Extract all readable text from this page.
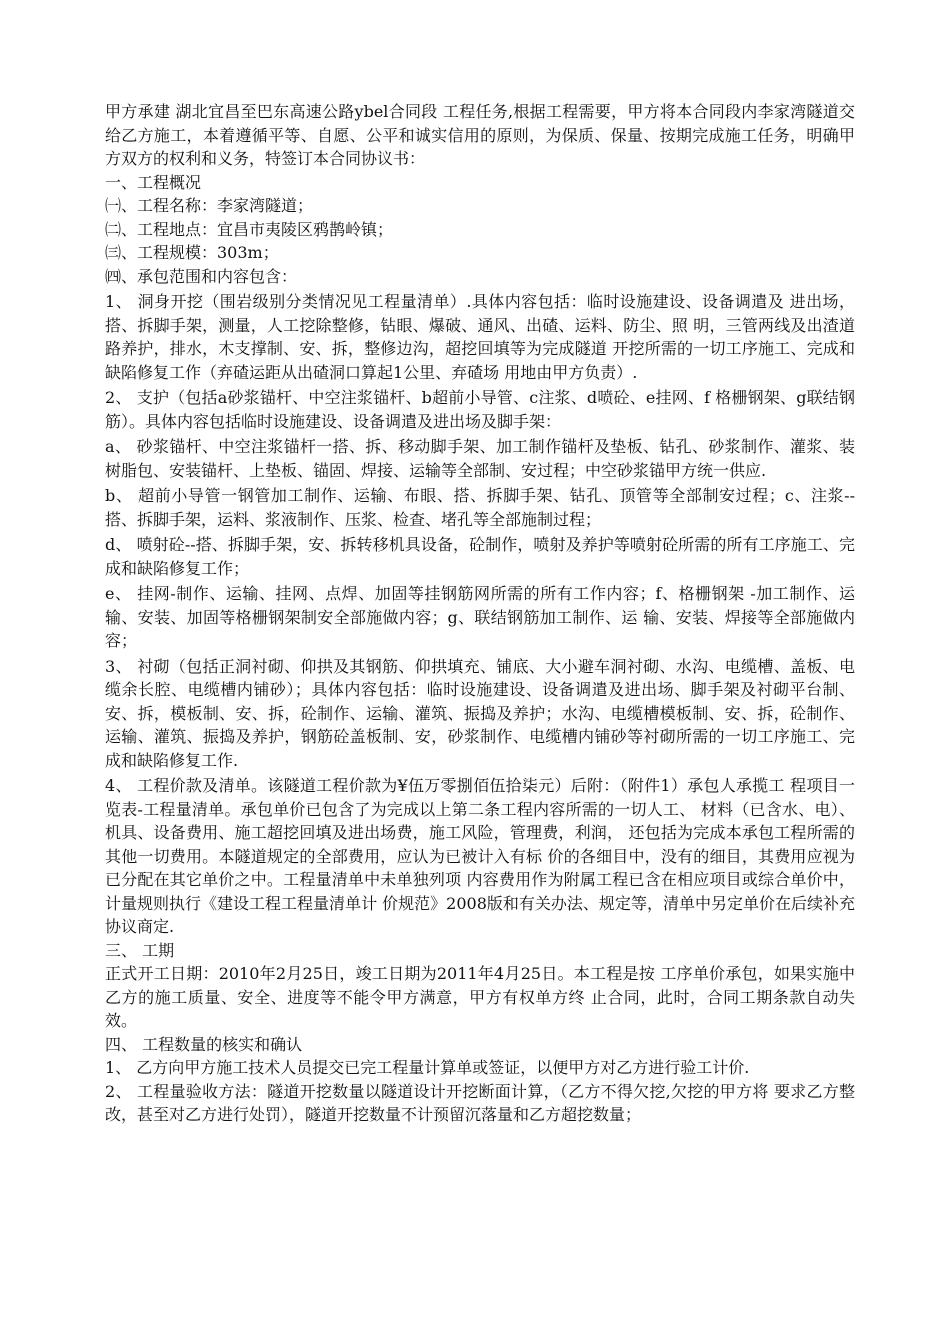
甲方承建 湖北宜昌至巴东高速公路ybel合同段 工程任务,根据工程需要，甲方将本合同段内李家湾隧道交给乙方施工，本着遵循平等、自愿、公平和诚实信用的原则，为保质、保量、按期完成施工任务，明确甲方双方的权利和义务，特签订本合同协议书：

一、工程概况

㈠、工程名称：李家湾隧道；

㈡、工程地点：宜昌市夷陵区鸦鹊岭镇；

㈢、工程规模：303m；

㈣、承包范围和内容包含：

1、 洞身开挖（围岩级别分类情况见工程量清单）.具体内容包括：临时设施建设、设备调遣及 进出场，搭、拆脚手架，测量，人工挖除整修，钻眼、爆破、通风、出碴、运料、防尘、照 明，三管两线及出渣道路养护，排水，木支撑制、安、拆，整修边沟，超挖回填等为完成隧道 开挖所需的一切工序施工、完成和缺陷修复工作（弃碴运距从出碴洞口算起1公里、弃碴场 用地由甲方负责）.

2、 支护（包括a砂浆锚杆、中空注浆锚杆、b超前小导管、c注浆、d喷砼、e挂网、f 格栅钢架、g联结钢筋）。具体内容包括临时设施建设、设备调遣及进出场及脚手架：

a、 砂浆锚杆、中空注浆锚杆一搭、拆、移动脚手架、加工制作锚杆及垫板、钻孔、砂浆制作、灌浆、装树脂包、安装锚杆、上垫板、锚固、焊接、运输等全部制、安过程；中空砂浆锚甲方统一供应.

b、 超前小导管一钢管加工制作、运输、布眼、搭、拆脚手架、钻孔、顶管等全部制安过程；c、注浆--搭、拆脚手架，运料、浆液制作、压浆、检查、堵孔等全部施制过程；

d、 喷射砼--搭、拆脚手架，安、拆转移机具设备，砼制作，喷射及养护等喷射砼所需的所有工序施工、完成和缺陷修复工作；

e、 挂网-制作、运输、挂网、点焊、加固等挂钢筋网所需的所有工作内容；f、格栅钢架 -加工制作、运输、安装、加固等格栅钢架制安全部施做内容；g、联结钢筋加工制作、运 输、安装、焊接等全部施做内容；

3、 衬砌（包括正洞衬砌、仰拱及其钢筋、仰拱填充、铺底、大小避车洞衬砌、水沟、电缆槽、盖板、电缆余长腔、电缆槽内铺砂）；具体内容包括：临时设施建设、设备调遣及进出场、脚手架及衬砌平台制、安、拆，模板制、安、拆，砼制作、运输、灌筑、振捣及养护；水沟、电缆槽模板制、安、拆，砼制作、运输、灌筑、振捣及养护，钢筋砼盖板制、安，砂浆制作、电缆槽内铺砂等衬砌所需的一切工序施工、完成和缺陷修复工作.

4、 工程价款及清单。该隧道工程价款为¥伍万零捌佰伍拾柒元）后附：（附件1）承包人承揽工 程项目一览表-工程量清单。承包单价已包含了为完成以上第二条工程内容所需的一切人工、 材料（已含水、电）、机具、设备费用、施工超挖回填及进出场费，施工风险，管理费，利润， 还包括为完成本承包工程所需的其他一切费用。本隧道规定的全部费用，应认为已被计入有标 价的各细目中，没有的细目，其费用应视为已分配在其它单价之中。工程量清单中未单独列项 内容费用作为附属工程已含在相应项目或综合单价中，计量规则执行《建设工程工程量清单计 价规范》2008版和有关办法、规定等，清单中另定单价在后续补充协议商定.

三、 工期

正式开工日期：2010年2月25日，竣工日期为2011年4月25日。本工程是按 工序单价承包，如果实施中乙方的施工质量、安全、进度等不能令甲方满意，甲方有权单方终 止合同，此时，合同工期条款自动失效。

四、 工程数量的核实和确认

1、 乙方向甲方施工技术人员提交已完工程量计算单或签证，以便甲方对乙方进行验工计价.

2、 工程量验收方法：隧道开挖数量以隧道设计开挖断面计算，（乙方不得欠挖,欠挖的甲方将 要求乙方整改，甚至对乙方进行处罚），隧道开挖数量不计预留沉落量和乙方超挖数量；
